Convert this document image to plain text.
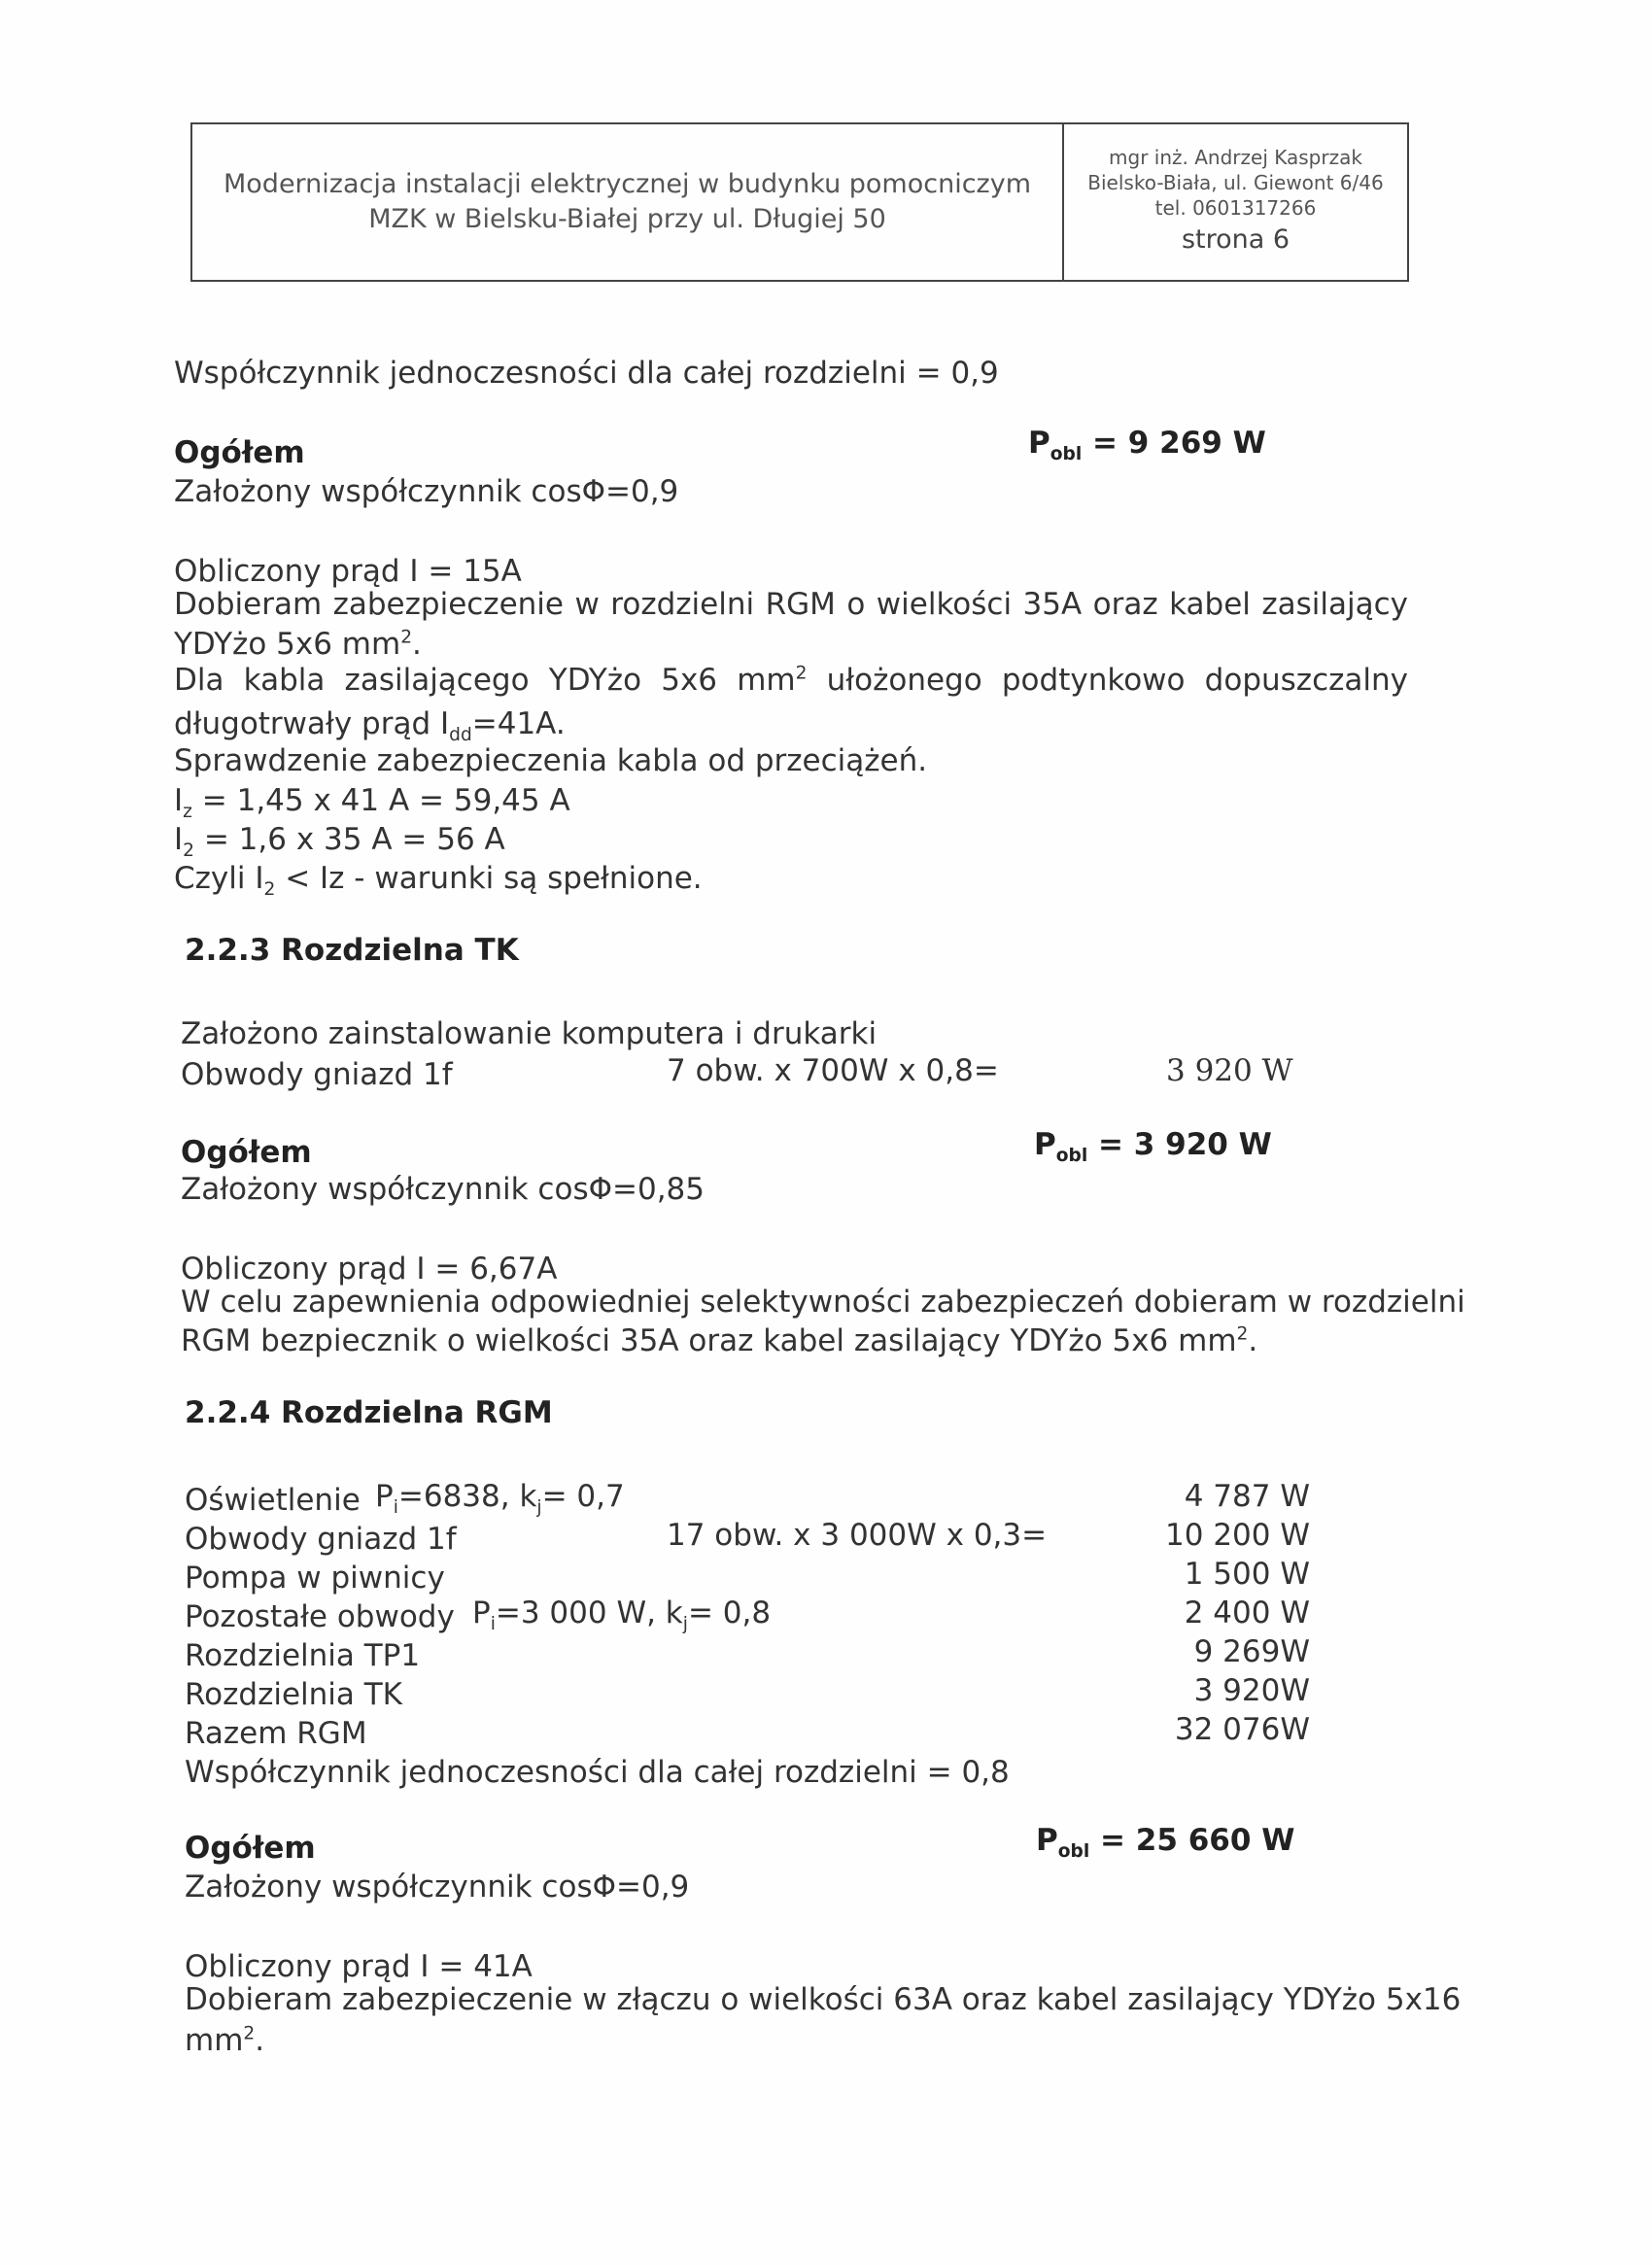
Modernizacja instalacji elektrycznej w budynku pomocniczym
MZK w Bielsku-Białej przy ul. Długiej 50
mgr inż. Andrzej Kasprzak
Bielsko-Biała, ul. Giewont 6/46
tel. 0601317266
strona 6
Współczynnik jednoczesności dla całej rozdzielni = 0,9
Ogółem	$P_{obl} = 9$ 269 W
Założony współczynnik cosΦ=0,9
Obliczony prąd I = 15A
Dobieram zabezpieczenie w rozdzielni RGM o wielkości 35A oraz kabel zasilający
YDYżo 5x6 $mm^2$.
Dla kabla zasilającego YDYżo 5x6 $mm^2$ ułożonego podtynkowo dopuszczalny
długotrwały prąd $I_{dd}=41A$.
Sprawdzenie zabezpieczenia kabla od przeciążeń.
$I_z = 1,45$ x 41 A = 59,45 A
$I_2 = 1,6$ x 35 A = 56 A
Czyli $I_2 < Iz$ - warunki są spełnione.
2.2.3 Rozdzielna TK
Założono zainstalowanie komputera i drukarki
Obwody gniazd 1f	7 obw. x 700W x 0,8=	3 920 W
Ogółem	$P_{obl} = 3$ 920 W
Założony współczynnik cosΦ=0,85
Obliczony prąd I = 6,67A
W celu zapewnienia odpowiedniej selektywności zabezpieczeń dobieram w rozdzielni
RGM bezpiecznik o wielkości 35A oraz kabel zasilający YDYżo 5x6 $mm^2$.
2.2.4 Rozdzielna RGM
Oświetlenie $P_i=6838$, $k_j= 0,7$	4 787 W
Obwody gniazd 1f	17 obw. x 3 000W x 0,3=	10 200 W
Pompa w piwnicy	1 500 W
Pozostałe obwody $P_i=3$ 000 W, $k_j= 0,8$	2 400 W
Rozdzielnia TP1	9 269W
Rozdzielnia TK	3 920W
Razem RGM	32 076W
Współczynnik jednoczesności dla całej rozdzielni = 0,8
Ogółem	$P_{obl} = 25$ 660 W
Założony współczynnik cosΦ=0,9
Obliczony prąd I = 41A
Dobieram zabezpieczenie w złączu o wielkości 63A oraz kabel zasilający YDYżo 5x16
$mm^2$.
